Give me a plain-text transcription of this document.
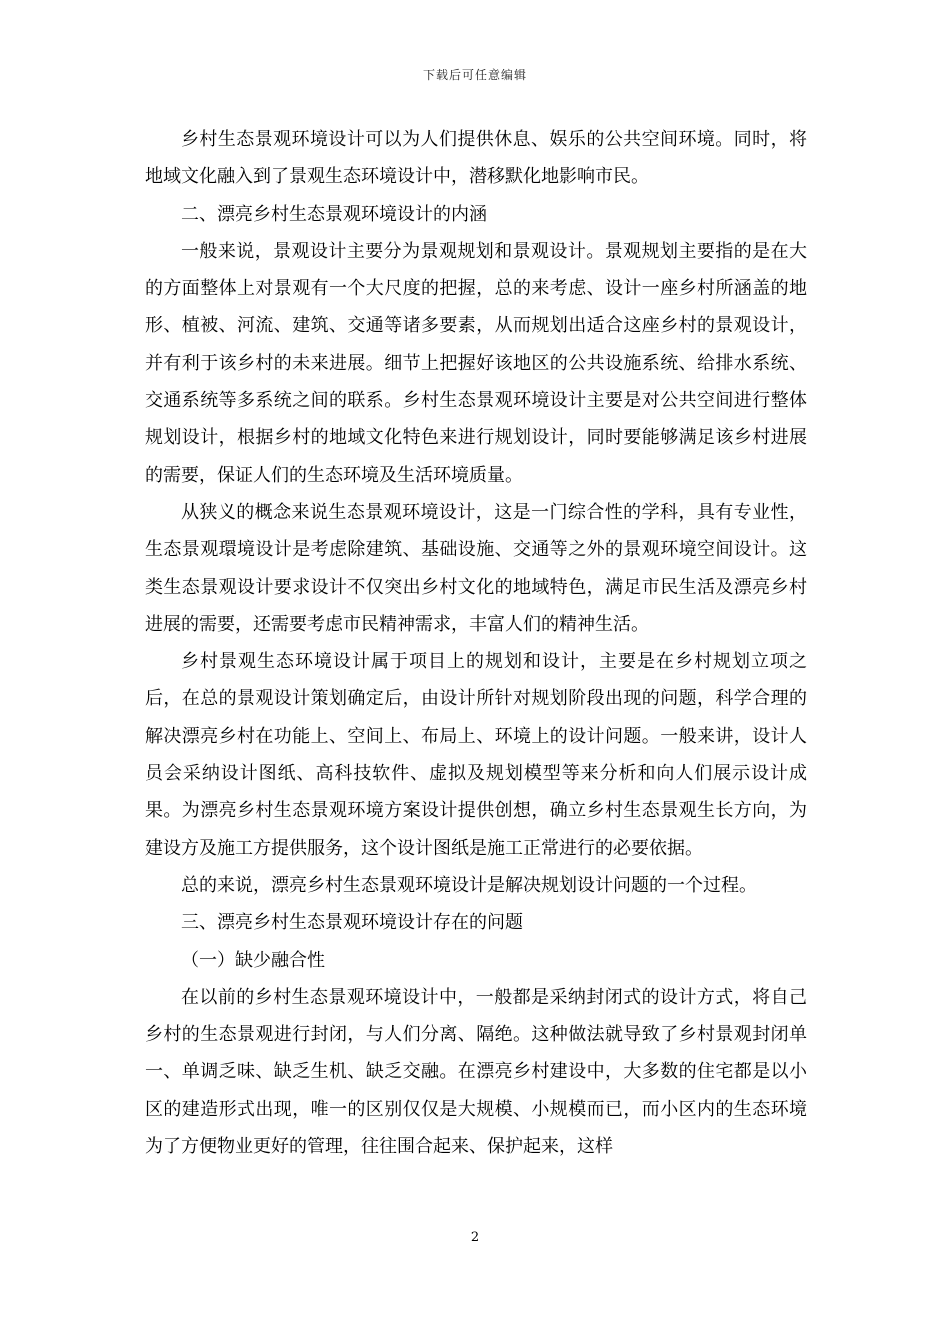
下载后可任意编辑

乡村生态景观环境设计可以为人们提供休息、娱乐的公共空间环境。同时，将地域文化融入到了景观生态环境设计中，潜移默化地影响市民。

二、漂亮乡村生态景观环境设计的内涵

一般来说，景观设计主要分为景观规划和景观设计。景观规划主要指的是在大的方面整体上对景观有一个大尺度的把握，总的来考虑、设计一座乡村所涵盖的地形、植被、河流、建筑、交通等诸多要素，从而规划出适合这座乡村的景观设计，并有利于该乡村的未来进展。细节上把握好该地区的公共设施系统、给排水系统、交通系统等多系统之间的联系。乡村生态景观环境设计主要是对公共空间进行整体规划设计，根据乡村的地域文化特色来进行规划设计，同时要能够满足该乡村进展的需要，保证人们的生态环境及生活环境质量。

从狭义的概念来说生态景观环境设计，这是一门综合性的学科，具有专业性，生态景观環境设计是考虑除建筑、基础设施、交通等之外的景观环境空间设计。这类生态景观设计要求设计不仅突出乡村文化的地域特色，满足市民生活及漂亮乡村进展的需要，还需要考虑市民精神需求，丰富人们的精神生活。

乡村景观生态环境设计属于项目上的规划和设计，主要是在乡村规划立项之后，在总的景观设计策划确定后，由设计所针对规划阶段出现的问题，科学合理的解决漂亮乡村在功能上、空间上、布局上、环境上的设计问题。一般来讲，设计人员会采纳设计图纸、高科技软件、虚拟及规划模型等来分析和向人们展示设计成果。为漂亮乡村生态景观环境方案设计提供创想，确立乡村生态景观生长方向，为建设方及施工方提供服务，这个设计图纸是施工正常进行的必要依据。

总的来说，漂亮乡村生态景观环境设计是解决规划设计问题的一个过程。

三、漂亮乡村生态景观环境设计存在的问题

（一）缺少融合性

在以前的乡村生态景观环境设计中，一般都是采纳封闭式的设计方式，将自己乡村的生态景观进行封闭，与人们分离、隔绝。这种做法就导致了乡村景观封闭单一、单调乏味、缺乏生机、缺乏交融。在漂亮乡村建设中，大多数的住宅都是以小区的建造形式出现，唯一的区别仅仅是大规模、小规模而已，而小区内的生态环境为了方便物业更好的管理，往往围合起来、保护起来，这样

2
